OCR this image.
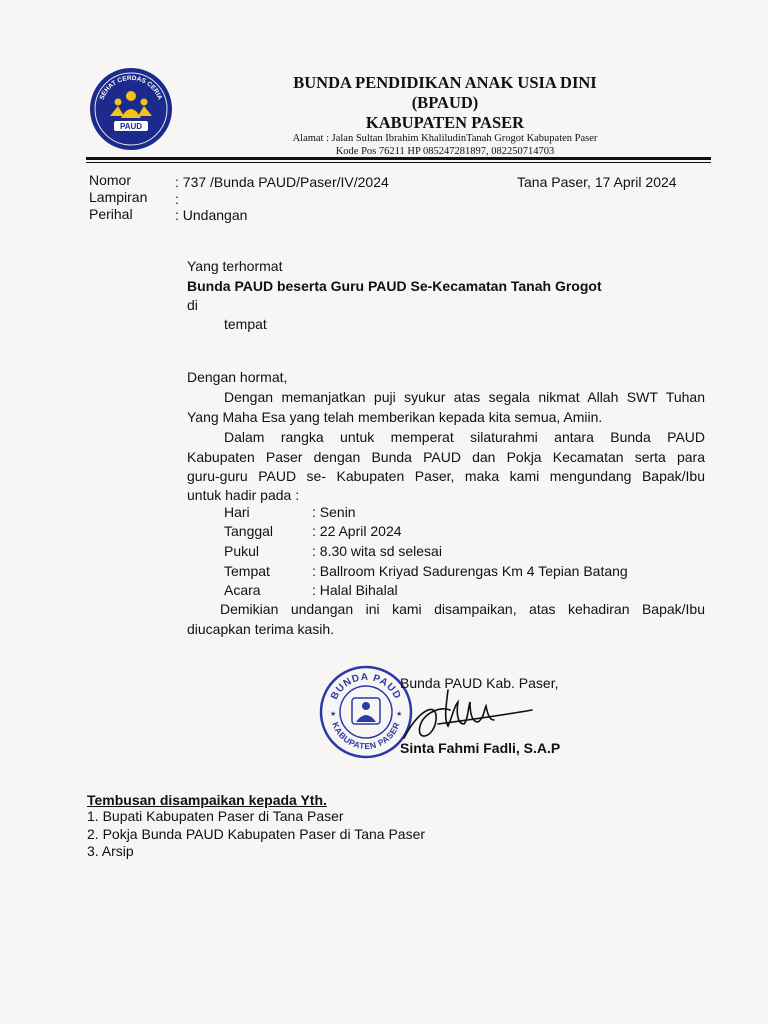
SEHAT CERDAS CERIA
PAUD
BUNDA PENDIDIKAN ANAK USIA DINI
(BPAUD)
KABUPATEN PASER
Alamat : Jalan Sultan Ibrahim KhaliludinTanah Grogot Kabupaten Paser
Kode Pos 76211 HP 085247281897, 082250714703
Nomor	: 737 /Bunda PAUD/Paser/IV/2024	Tana Paser, 17 April 2024
Lampiran :
Perihal	: Undangan
Yang terhormat
Bunda PAUD beserta Guru PAUD Se-Kecamatan Tanah Grogot
di
tempat
Dengan hormat,
Dengan memanjatkan puji syukur atas segala nikmat Allah SWT Tuhan
Yang Maha Esa yang telah memberikan kepada kita semua, Amiin.
Dalam rangka untuk memperat silaturahmi antara Bunda PAUD
Kabupaten Paser dengan Bunda PAUD dan Pokja Kecamatan serta para
guru-guru PAUD se- Kabupaten Paser, maka kami mengundang Bapak/Ibu
untuk hadir pada :
Hari	: Senin
Tanggal	: 22 April 2024
Pukul	: 8.30 wita sd selesai
Tempat	: Ballroom Kriyad Sadurengas Km 4 Tepian Batang
Acara	: Halal Bihalal
Demikian undangan ini kami disampaikan, atas kehadiran Bapak/Ibu
diucapkan terima kasih.
BUNDA PAUD
KABUPATEN PASER
★	★
Bunda PAUD Kab. Paser,
Sinta Fahmi Fadli, S.A.P
Tembusan disampaikan kepada Yth.
1. Bupati Kabupaten Paser di Tana Paser
2. Pokja Bunda PAUD Kabupaten Paser di Tana Paser
3. Arsip
